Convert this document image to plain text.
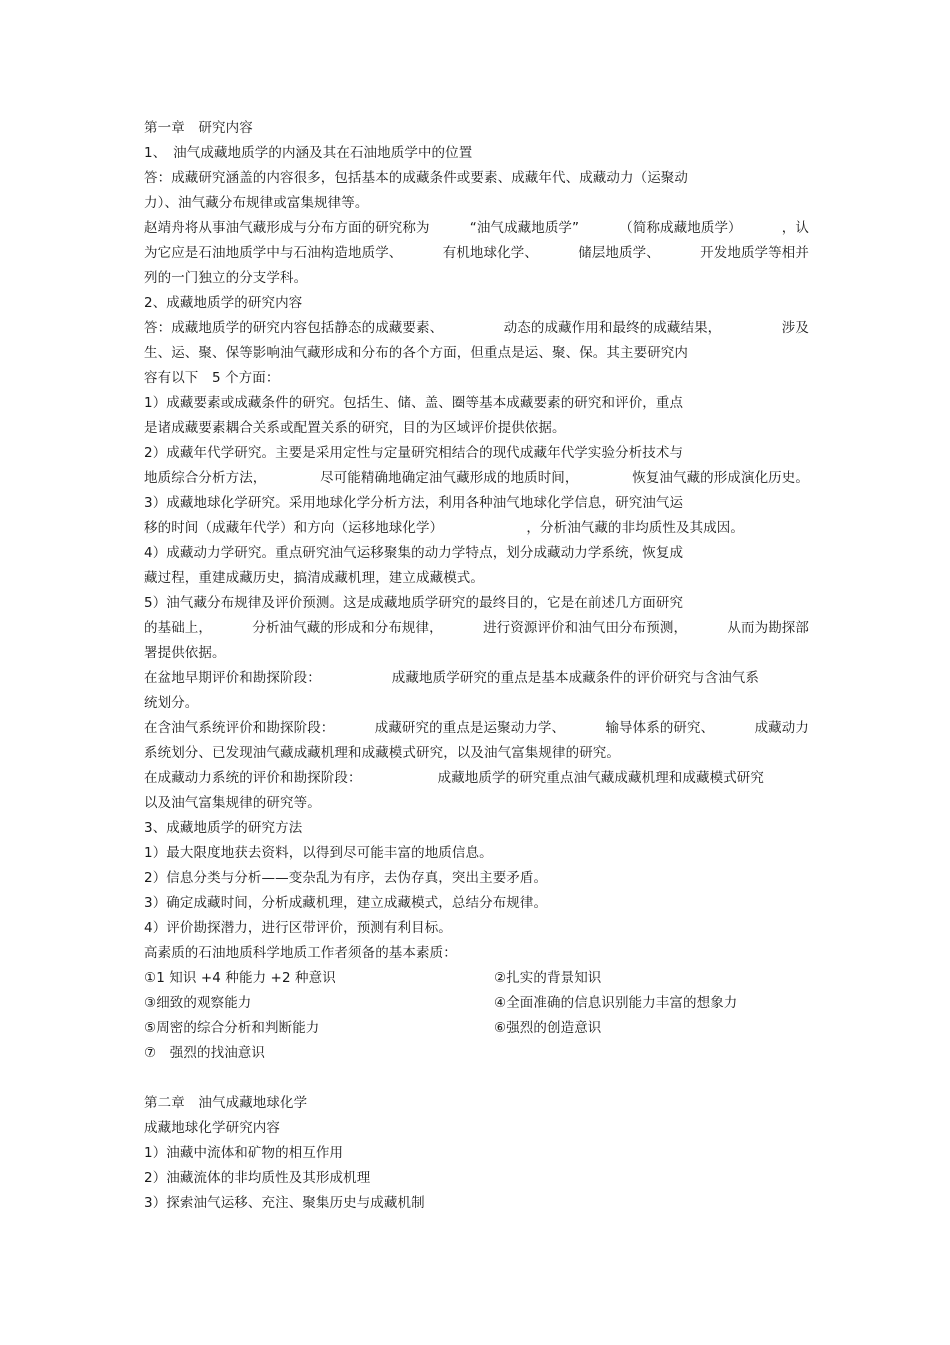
第一章　研究内容
1、　油气成藏地质学的内涵及其在石油地质学中的位置
答：成藏研究涵盖的内容很多，包括基本的成藏条件或要素、成藏年代、成藏动力（运聚动
力）、油气藏分布规律或富集规律等。
赵靖舟将从事油气藏形成与分布方面的研究称为	“油气成藏地质学”	（简称成藏地质学）	，认
为它应是石油地质学中与石油构造地质学、	有机地球化学、	储层地质学、	开发地质学等相并
列的一门独立的分支学科。
2、成藏地质学的研究内容
答：成藏地质学的研究内容包括静态的成藏要素、	动态的成藏作用和最终的成藏结果，	涉及
生、运、聚、保等影响油气藏形成和分布的各个方面，但重点是运、聚、保。其主要研究内
容有以下　5 个方面：
1）成藏要素或成藏条件的研究。包括生、储、盖、圈等基本成藏要素的研究和评价，重点
是诸成藏要素耦合关系或配置关系的研究，目的为区域评价提供依据。
2）成藏年代学研究。主要是采用定性与定量研究相结合的现代成藏年代学实验分析技术与
地质综合分析方法，	尽可能精确地确定油气藏形成的地质时间，	恢复油气藏的形成演化历史。
3）成藏地球化学研究。采用地球化学分析方法，利用各种油气地球化学信息，研究油气运
移的时间（成藏年代学）和方向（运移地球化学）	，分析油气藏的非均质性及其成因。
4）成藏动力学研究。重点研究油气运移聚集的动力学特点，划分成藏动力学系统，恢复成
藏过程，重建成藏历史，搞清成藏机理，建立成藏模式。
5）油气藏分布规律及评价预测。这是成藏地质学研究的最终目的，它是在前述几方面研究
的基础上，	分析油气藏的形成和分布规律，	进行资源评价和油气田分布预测，	从而为勘探部
署提供依据。
在盆地早期评价和勘探阶段：	成藏地质学研究的重点是基本成藏条件的评价研究与含油气系
统划分。
在含油气系统评价和勘探阶段：	成藏研究的重点是运聚动力学、	输导体系的研究、	成藏动力
系统划分、已发现油气藏成藏机理和成藏模式研究，以及油气富集规律的研究。
在成藏动力系统的评价和勘探阶段：	成藏地质学的研究重点油气藏成藏机理和成藏模式研究
以及油气富集规律的研究等。
3、成藏地质学的研究方法
1）最大限度地获去资料，以得到尽可能丰富的地质信息。
2）信息分类与分析——变杂乱为有序，去伪存真，突出主要矛盾。
3）确定成藏时间，分析成藏机理，建立成藏模式，总结分布规律。
4）评价勘探潜力，进行区带评价，预测有利目标。
高素质的石油地质科学地质工作者须备的基本素质：
①1 知识 +4 种能力 +2 种意识	②扎实的背景知识
③细致的观察能力	④全面准确的信息识别能力丰富的想象力
⑤周密的综合分析和判断能力	⑥强烈的创造意识
⑦　强烈的找油意识
第二章　油气成藏地球化学
成藏地球化学研究内容
1）油藏中流体和矿物的相互作用
2）油藏流体的非均质性及其形成机理
3）探索油气运移、充注、聚集历史与成藏机制
